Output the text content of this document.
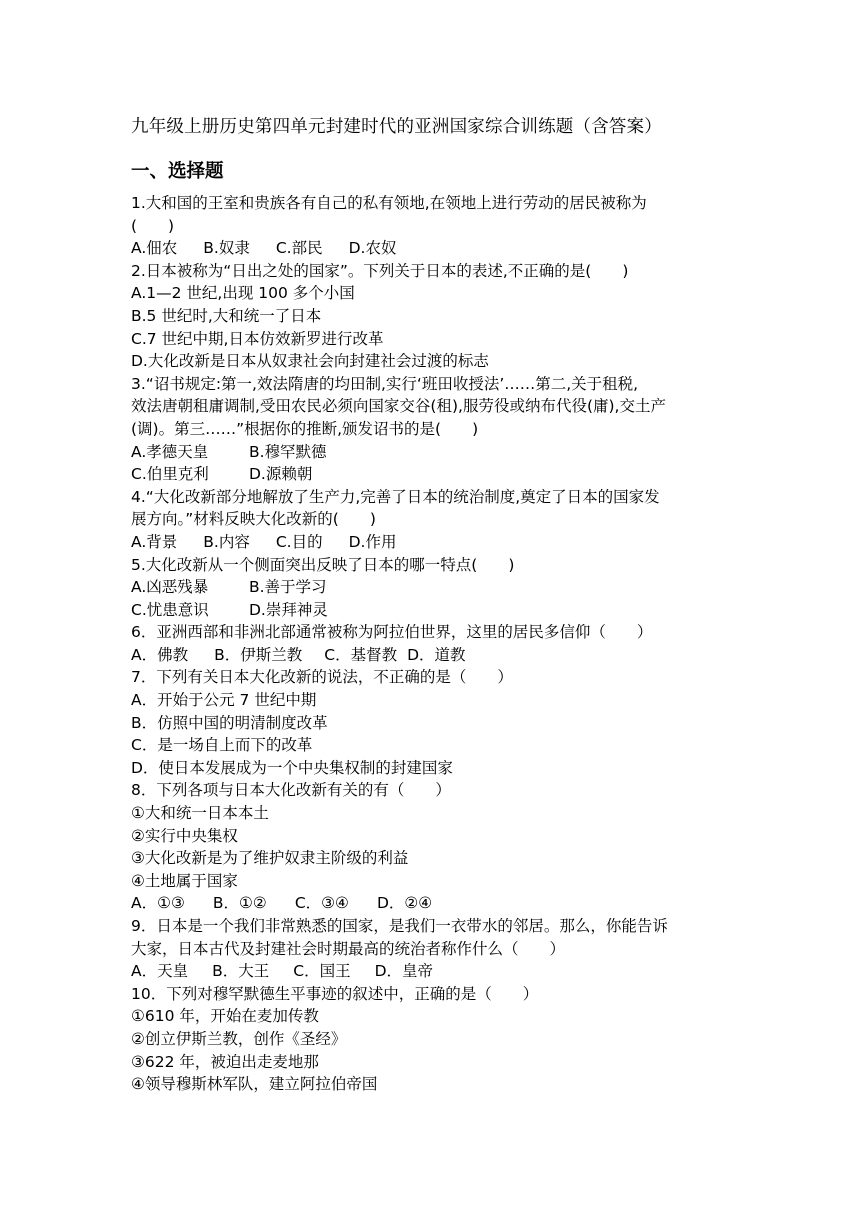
九年级上册历史第四单元封建时代的亚洲国家综合训练题（含答案）
一、选择题
1.大和国的王室和贵族各有自己的私有领地,在领地上进行劳动的居民被称为
(　　)
A.佃农 B.奴隶 C.部民 D.农奴
2.日本被称为“日出之处的国家”。下列关于日本的表述,不正确的是(　　)
A.1—2 世纪,出现 100 多个小国
B.5 世纪时,大和统一了日本
C.7 世纪中期,日本仿效新罗进行改革
D.大化改新是日本从奴隶社会向封建社会过渡的标志
3.“诏书规定:第一,效法隋唐的均田制,实行‘班田收授法’……第二,关于租税,
效法唐朝租庸调制,受田农民必须向国家交谷(租),服劳役或纳布代役(庸),交土产
(调)。第三……”根据你的推断,颁发诏书的是(　　)
A.孝德天皇	B.穆罕默德
C.伯里克利	D.源赖朝
4.“大化改新部分地解放了生产力,完善了日本的统治制度,奠定了日本的国家发
展方向。”材料反映大化改新的(　　)
A.背景 B.内容 C.目的 D.作用
5.大化改新从一个侧面突出反映了日本的哪一特点(　　)
A.凶恶残暴	B.善于学习
C.忧患意识	D.崇拜神灵
6．亚洲西部和非洲北部通常被称为阿拉伯世界，这里的居民多信仰（　　）
A．佛教 B．伊斯兰教 C．基督教 D．道教
7．下列有关日本大化改新的说法，不正确的是（　　）
A．开始于公元 7 世纪中期
B．仿照中国的明清制度改革
C．是一场自上而下的改革
D．使日本发展成为一个中央集权制的封建国家
8．下列各项与日本大化改新有关的有（　　）
①大和统一日本本土
②实行中央集权
③大化改新是为了维护奴隶主阶级的利益
④土地属于国家
A．①③ B．①② C．③④ D．②④
9．日本是一个我们非常熟悉的国家，是我们一衣带水的邻居。那么，你能告诉
大家，日本古代及封建社会时期最高的统治者称作什么（　　）
A．天皇 B．大王 C．国王 D．皇帝
10．下列对穆罕默德生平事迹的叙述中，正确的是（　　）
①610 年，开始在麦加传教
②创立伊斯兰教，创作《圣经》
③622 年，被迫出走麦地那
④领导穆斯林军队，建立阿拉伯帝国
